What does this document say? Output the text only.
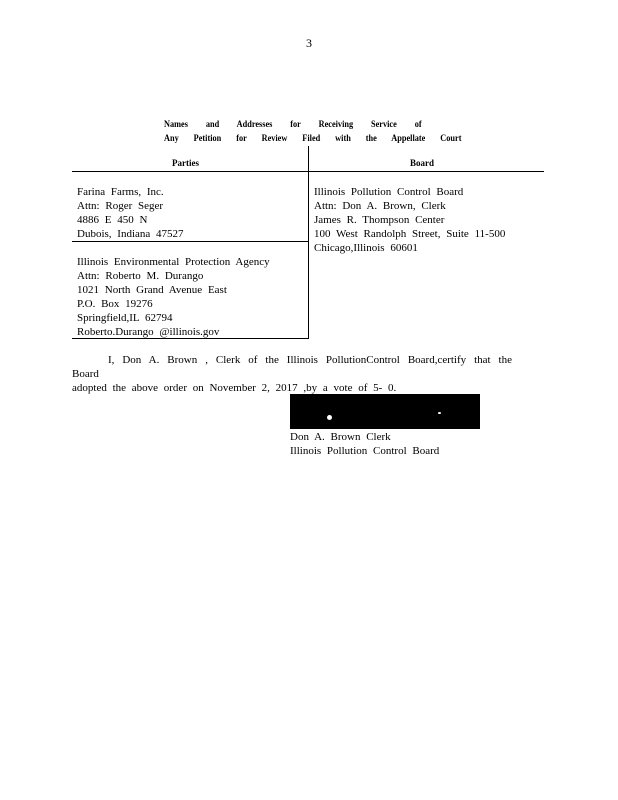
3
Names and Addresses for Receiving Service of
Any Petition for Review Filed with the Appellate Court
Parties	Board
Farina Farms, Inc.
Attn: Roger Seger
4886 E 450 N
Dubois, Indiana 47527
Illinois Environmental Protection Agency
Attn: Roberto M. Durango
1021 North Grand Avenue East
P.O. Box 19276
Springfield,IL 62794
Roberto.Durango @illinois.gov
Illinois Pollution Control Board
Attn: Don A. Brown, Clerk
James R. Thompson Center
100 West Randolph Street, Suite 11-500
Chicago,Illinois 60601
I, Don A. Brown , Clerk of the Illinois PollutionControl Board,certify that the Board
adopted the above order on November 2, 2017 ,by a vote of 5- 0.
Don A. Brown Clerk
Illinois Pollution Control Board
